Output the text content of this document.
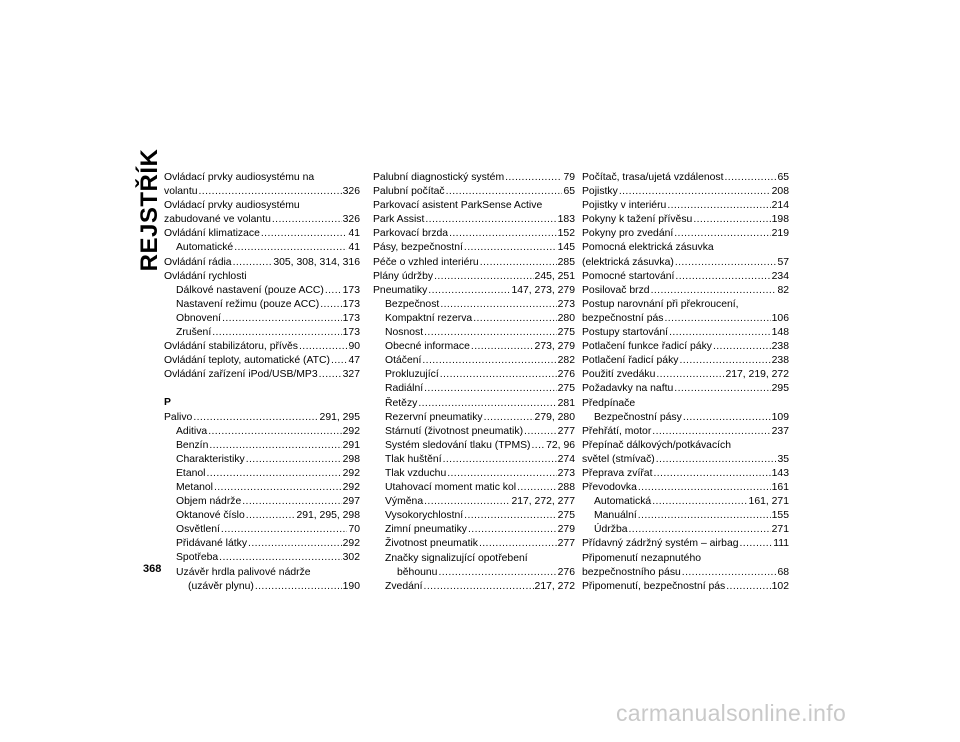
REJSTŘÍK
368
Ovládací prvky audiosystému na
volantu .....	326
Ovládací prvky audiosystému
zabudované ve volantu .....	326
Ovládání klimatizace .....	41
Automatické .....	41
Ovládání rádia .....	305, 308, 314, 316
Ovládání rychlosti
Dálkové nastavení (pouze ACC) ..... 173
Nastavení režimu (pouze ACC) ..... 173
Obnovení .....	173
Zrušení .....	173
Ovládání stabilizátoru, přívěs .....	90
Ovládání teploty, automatické (ATC) ..... 47
Ovládání zařízení iPod/USB/MP3 ..... 327
P
Palivo .....	291, 295
Aditiva .....	292
Benzín .....	291
Charakteristiky .....	298
Etanol .....	292
Metanol .....	292
Objem nádrže .....	297
Oktanové číslo .....	291, 295, 298
Osvětlení .....	70
Přidávané látky .....	292
Spotřeba .....	302
Uzávěr hrdla palivové nádrže
(uzávěr plynu) .....	190
Palubní diagnostický systém .....	79
Palubní počítač .....	65
Parkovací asistent ParkSense Active
Park Assist .....	183
Parkovací brzda .....	152
Pásy, bezpečnostní .....	145
Péče o vzhled interiéru .....	285
Plány údržby .....	245, 251
Pneumatiky .....	147, 273, 279
Bezpečnost .....	273
Kompaktní rezerva .....	280
Nosnost .....	275
Obecné informace .....	273, 279
Otáčení .....	282
Prokluzující .....	276
Radiální .....	275
Řetězy .....	281
Rezervní pneumatiky .....	279, 280
Stárnutí (životnost pneumatik) .....	277
Systém sledování tlaku (TPMS) ..... 72, 96
Tlak huštění .....	274
Tlak vzduchu .....	273
Utahovací moment matic kol .....	288
Výměna .....	217, 272, 277
Vysokorychlostní .....	275
Zimní pneumatiky .....	279
Životnost pneumatik .....	277
Značky signalizující opotřebení
běhounu .....	276
Zvedání .....	217, 272
Počítač, trasa/ujetá vzdálenost .....	65
Pojistky .....	208
Pojistky v interiéru .....	214
Pokyny k tažení přívěsu .....	198
Pokyny pro zvedání .....	219
Pomocná elektrická zásuvka
(elektrická zásuvka) .....	57
Pomocné startování .....	234
Posilovač brzd .....	82
Postup narovnání při překroucení,
bezpečnostní pás .....	106
Postupy startování .....	148
Potlačení funkce řadicí páky .....	238
Potlačení řadicí páky .....	238
Použití zvedáku .....	217, 219, 272
Požadavky na naftu .....	295
Předpínače
Bezpečnostní pásy .....	109
Přehřátí, motor .....	237
Přepínač dálkových/potkávacích
světel (stmívač) .....	35
Přeprava zvířat .....	143
Převodovka .....	161
Automatická .....	161, 271
Manuální .....	155
Údržba .....	271
Přídavný zádržný systém – airbag .....	111
Připomenutí nezapnutého
bezpečnostního pásu .....	68
Připomenutí, bezpečnostní pás .....	102
carmanualsonline.info
